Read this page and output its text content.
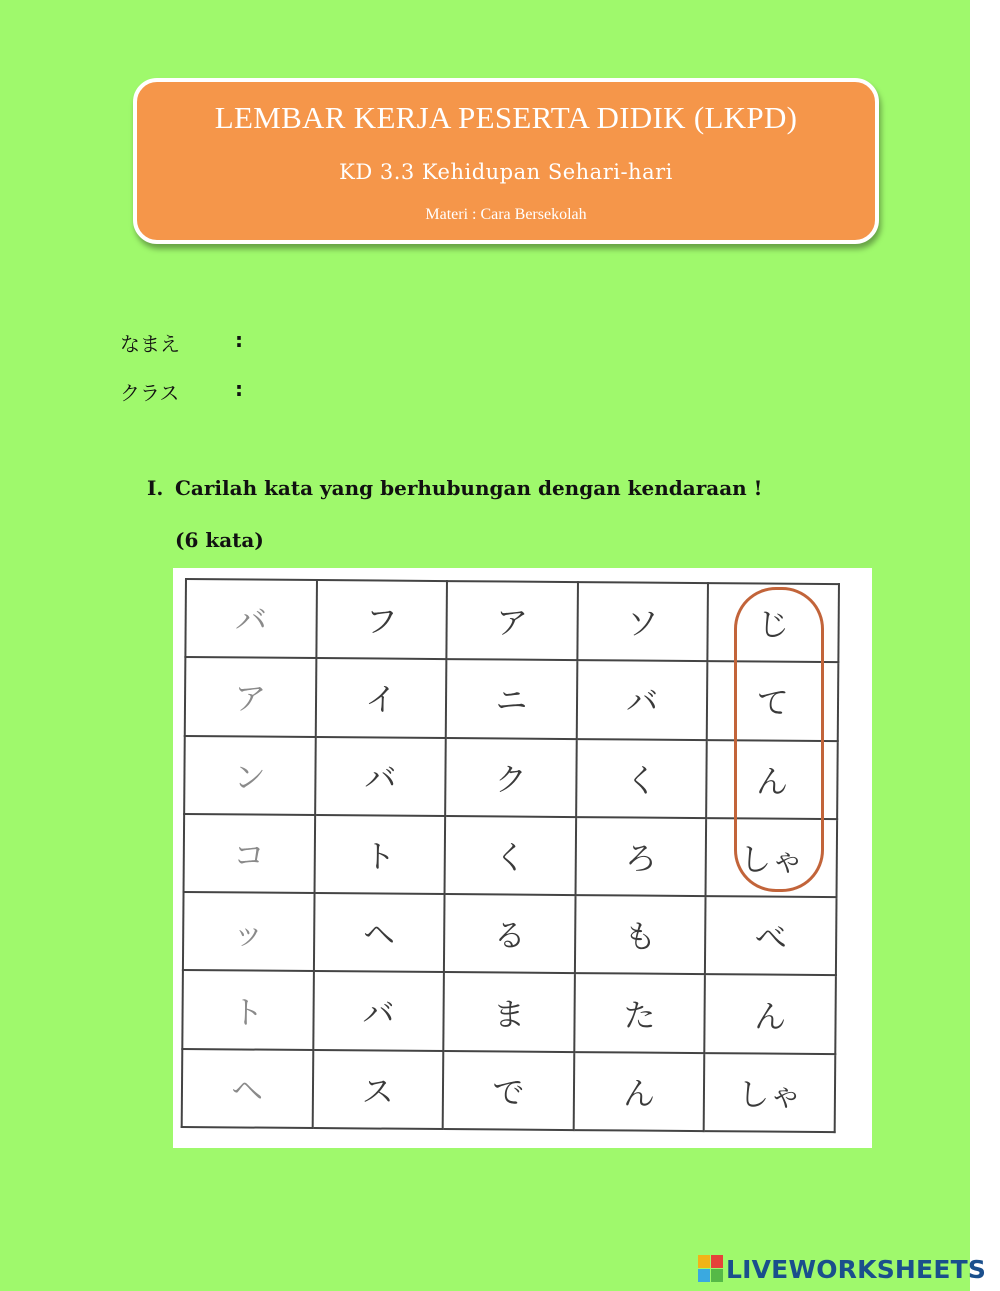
LEMBAR KERJA PESERTA DIDIK (LKPD)
KD 3.3 Kehidupan Sehari-hari
Materi : Cara Bersekolah
なまえ	:
クラス	:
I. Carilah kata yang berhubungan dengan kendaraan !
(6 kata)
バ	フ	ア	ソ	じ
ア	イ	ニ	バ	て
ン	バ	ク	く	ん
コ	ト	く	ろ	しゃ
ッ	ヘ	る	も	べ
ト	バ	ま	た	ん
ヘ	ス	で	ん	しゃ
LIVEWORKSHEETS
